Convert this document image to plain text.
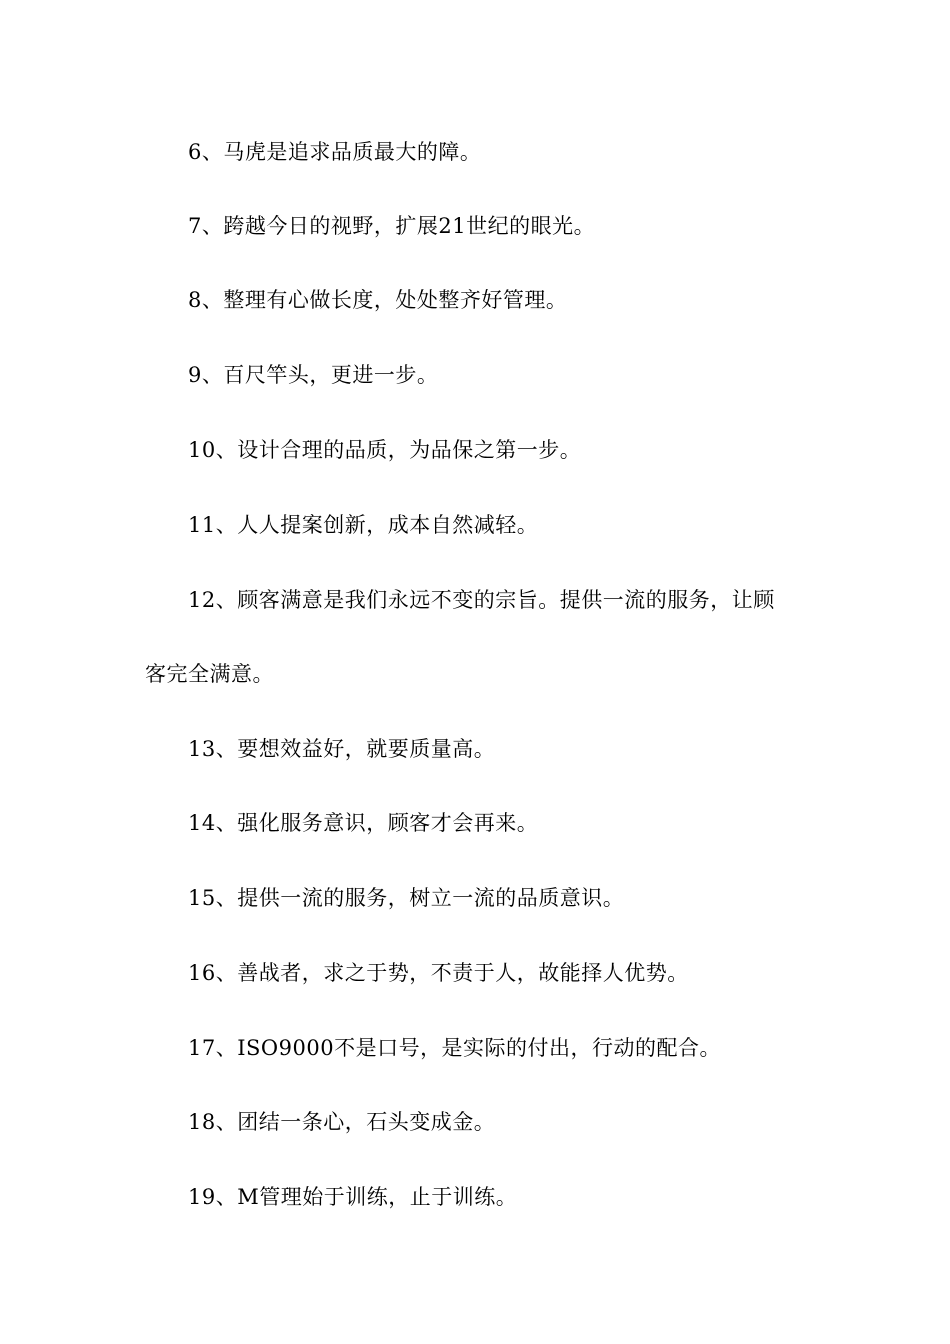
6、马虎是追求品质最大的障。
7、跨越今日的视野，扩展21世纪的眼光。
8、整理有心做长度，处处整齐好管理。
9、百尺竿头，更进一步。
10、设计合理的品质，为品保之第一步。
11、人人提案创新，成本自然减轻。
12、顾客满意是我们永远不变的宗旨。提供一流的服务，让顾
客完全满意。
13、要想效益好，就要质量高。
14、强化服务意识，顾客才会再来。
15、提供一流的服务，树立一流的品质意识。
16、善战者，求之于势，不责于人，故能择人优势。
17、ISO9000不是口号，是实际的付出，行动的配合。
18、团结一条心，石头变成金。
19、M管理始于训练，止于训练。
